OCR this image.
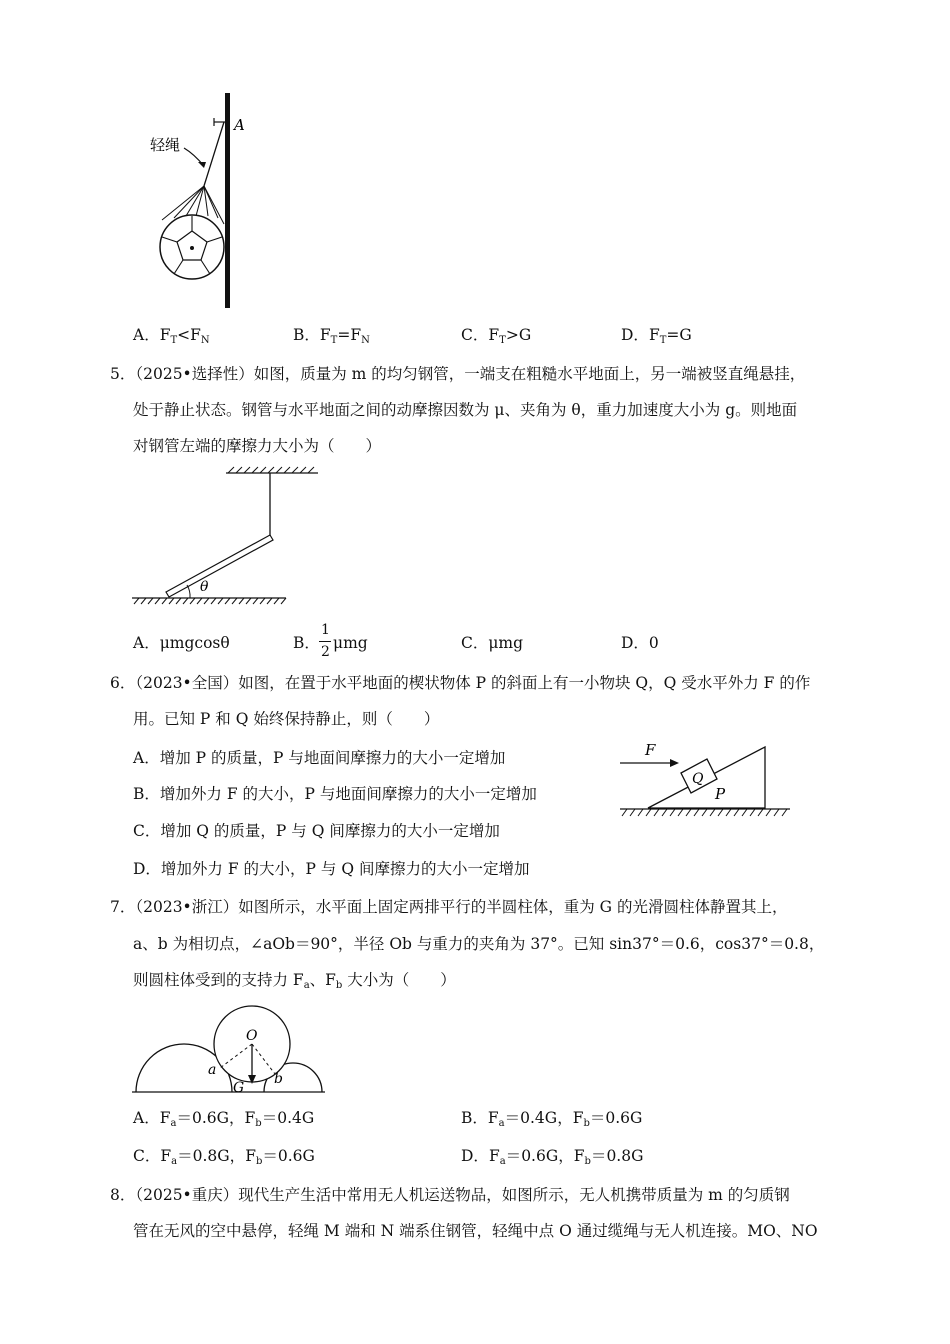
A
轻绳
A．$F_T<F_N$	B．$F_T=F_N$	C．$F_T>G$	D．$F_T=G$
5．（2025•选择性）如图，质量为 m 的均匀钢管，一端支在粗糙水平地面上，另一端被竖直绳悬挂，
处于静止状态。钢管与水平地面之间的动摩擦因数为 μ、夹角为 θ，重力加速度大小为 g。则地面
对钢管左端的摩擦力大小为（　　）
θ
A．μmgcosθ	B．
1
2 μmg	C．μmg	D．0
6．（2023•全国）如图，在置于水平地面的楔状物体 P 的斜面上有一小物块 Q，Q 受水平外力 F 的作
用。已知 P 和 Q 始终保持静止，则（　　）
A．增加 P 的质量，P 与地面间摩擦力的大小一定增加
B．增加外力 F 的大小，P 与地面间摩擦力的大小一定增加
C．增加 Q 的质量，P 与 Q 间摩擦力的大小一定增加
D．增加外力 F 的大小，P 与 Q 间摩擦力的大小一定增加
Q
P
F
7．（2023•浙江）如图所示，水平面上固定两排平行的半圆柱体，重为 G 的光滑圆柱体静置其上，
a、b 为相切点，∠aOb＝90°，半径 Ob 与重力的夹角为 37°。已知 sin37°＝0.6，cos37°＝0.8，
则圆柱体受到的支持力 $F_a$、$F_b$ 大小为（　　）
O
a
b
G
A．$F_a=0.6G$，$F_b=0.4G$	B．$F_a=0.4G$，$F_b=0.6G$
C．$F_a=0.8G$，$F_b=0.6G$	D．$F_a=0.6G$，$F_b=0.8G$
8．（2025•重庆）现代生产生活中常用无人机运送物品，如图所示，无人机携带质量为 m 的匀质钢
管在无风的空中悬停，轻绳 M 端和 N 端系住钢管，轻绳中点 O 通过缆绳与无人机连接。MO、NO
